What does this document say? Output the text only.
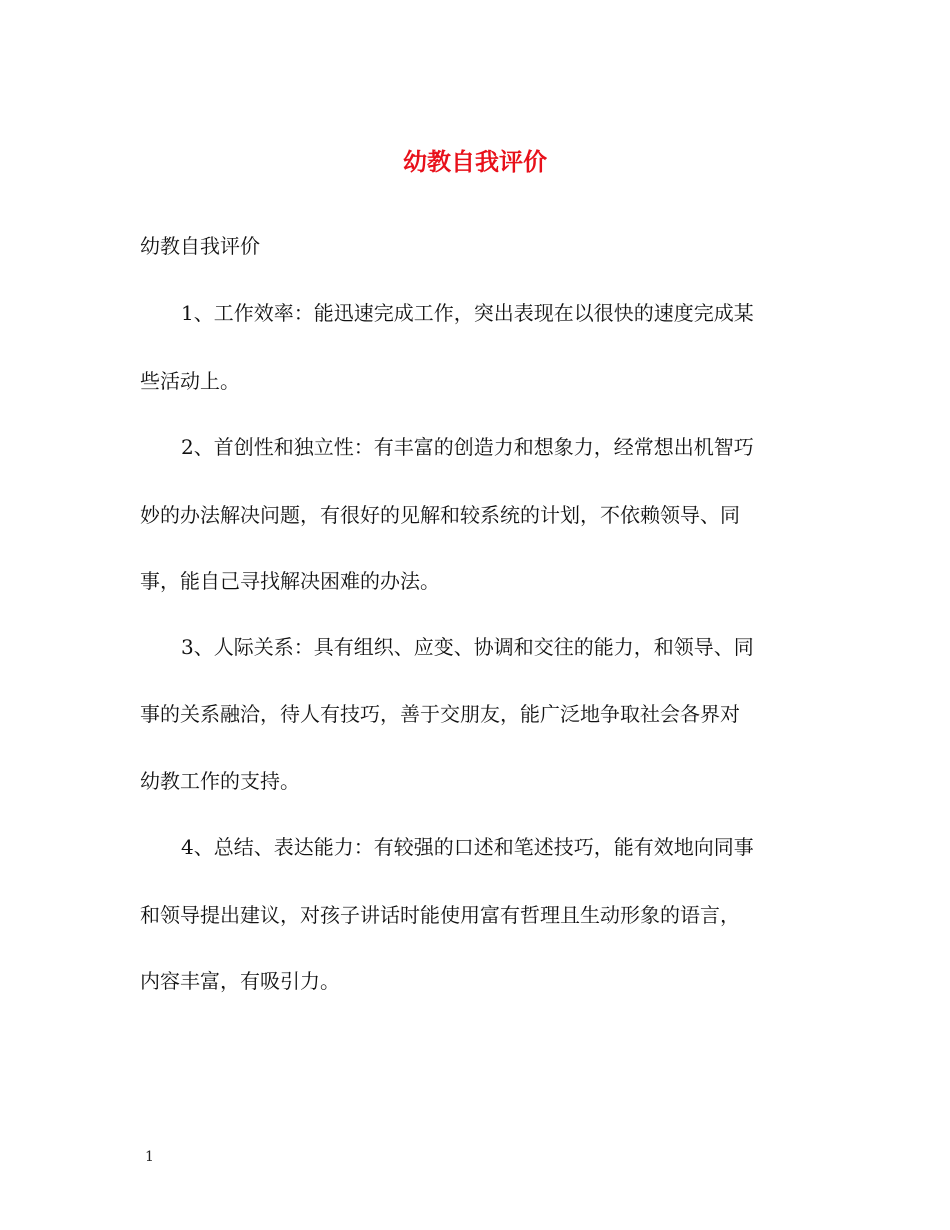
幼教自我评价
幼教自我评价
1、工作效率：能迅速完成工作，突出表现在以很快的速度完成某
些活动上。
2、首创性和独立性：有丰富的创造力和想象力，经常想出机智巧
妙的办法解决问题，有很好的见解和较系统的计划，不依赖领导、同
事，能自己寻找解决困难的办法。
3、人际关系：具有组织、应变、协调和交往的能力，和领导、同
事的关系融洽，待人有技巧，善于交朋友，能广泛地争取社会各界对
幼教工作的支持。
4、总结、表达能力：有较强的口述和笔述技巧，能有效地向同事
和领导提出建议，对孩子讲话时能使用富有哲理且生动形象的语言，
内容丰富，有吸引力。
1
